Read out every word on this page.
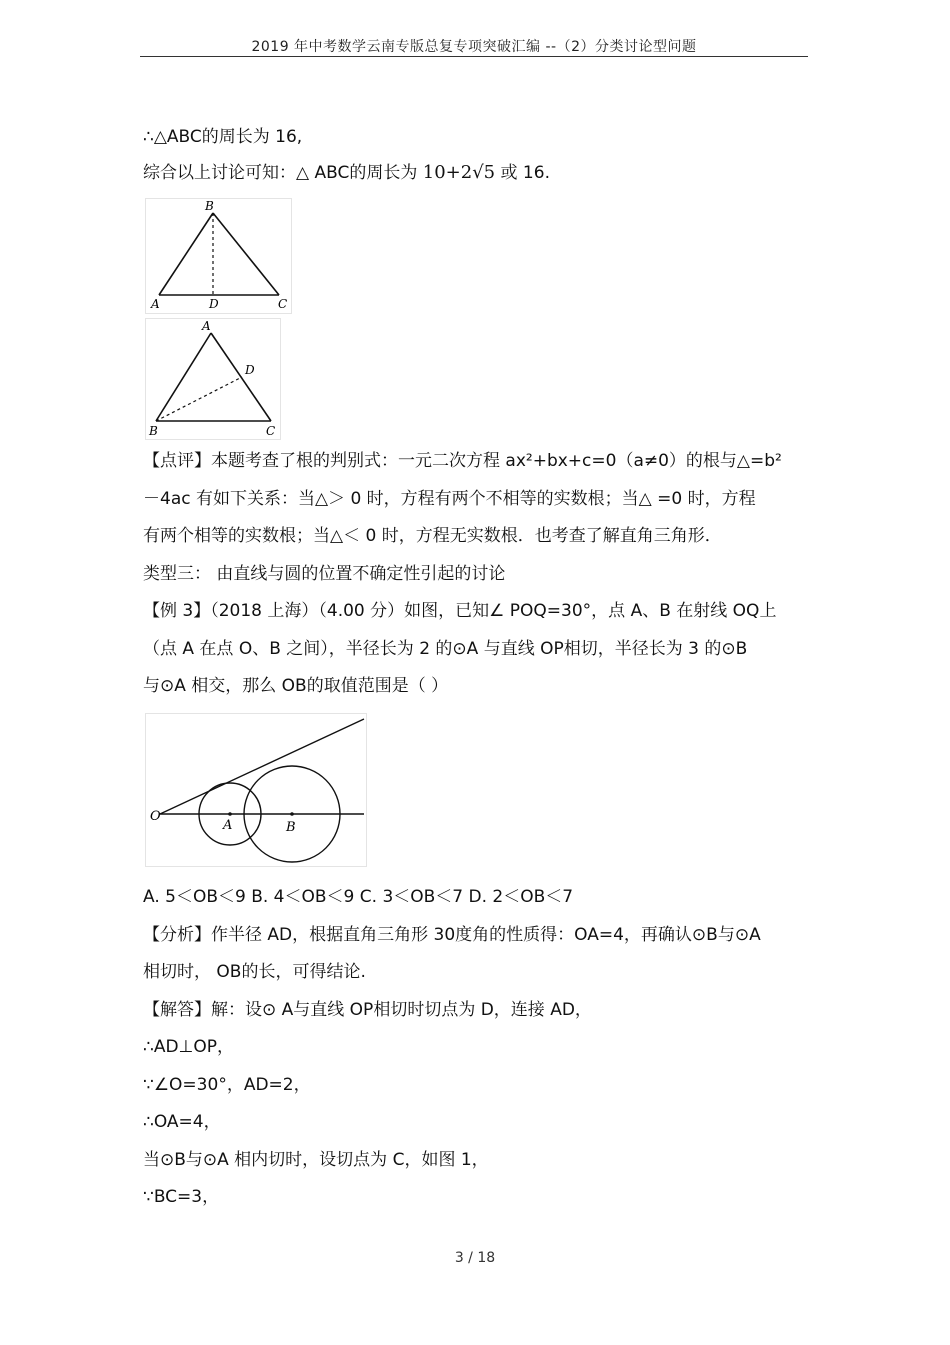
2019 年中考数学云南专版总复专项突破汇编 --（2）分类讨论型问题
∴△ABC的周长为 16,
综合以上讨论可知：△ ABC的周长为 10+2√5 或 16.
B
A	D	C
A
D
B	C
【点评】本题考查了根的判别式：一元二次方程 ax²+bx+c=0（a≠0）的根与△=b²
－4ac 有如下关系：当△＞ 0 时，方程有两个不相等的实数根；当△ =0 时，方程
有两个相等的实数根；当△＜ 0 时，方程无实数根．也考查了解直角三角形．
类型三： 由直线与圆的位置不确定性引起的讨论
【例 3】（2018 上海）（4.00 分）如图，已知∠ POQ=30°，点 A、B 在射线 OQ上
（点 A 在点 O、B 之间），半径长为 2 的⊙A 与直线 OP相切，半径长为 3 的⊙B
与⊙A 相交，那么 OB的取值范围是（ ）
O
A	B
A. 5＜OB＜9 B. 4＜OB＜9 C. 3＜OB＜7 D. 2＜OB＜7
【分析】作半径 AD，根据直角三角形 30度角的性质得：OA=4，再确认⊙B与⊙A
相切时， OB的长，可得结论.
【解答】解：设⊙ A与直线 OP相切时切点为 D，连接 AD，
∴AD⊥OP，
∵∠O=30°，AD=2，
∴OA=4，
当⊙B与⊙A 相内切时，设切点为 C，如图 1，
∵BC=3，
3 / 18
